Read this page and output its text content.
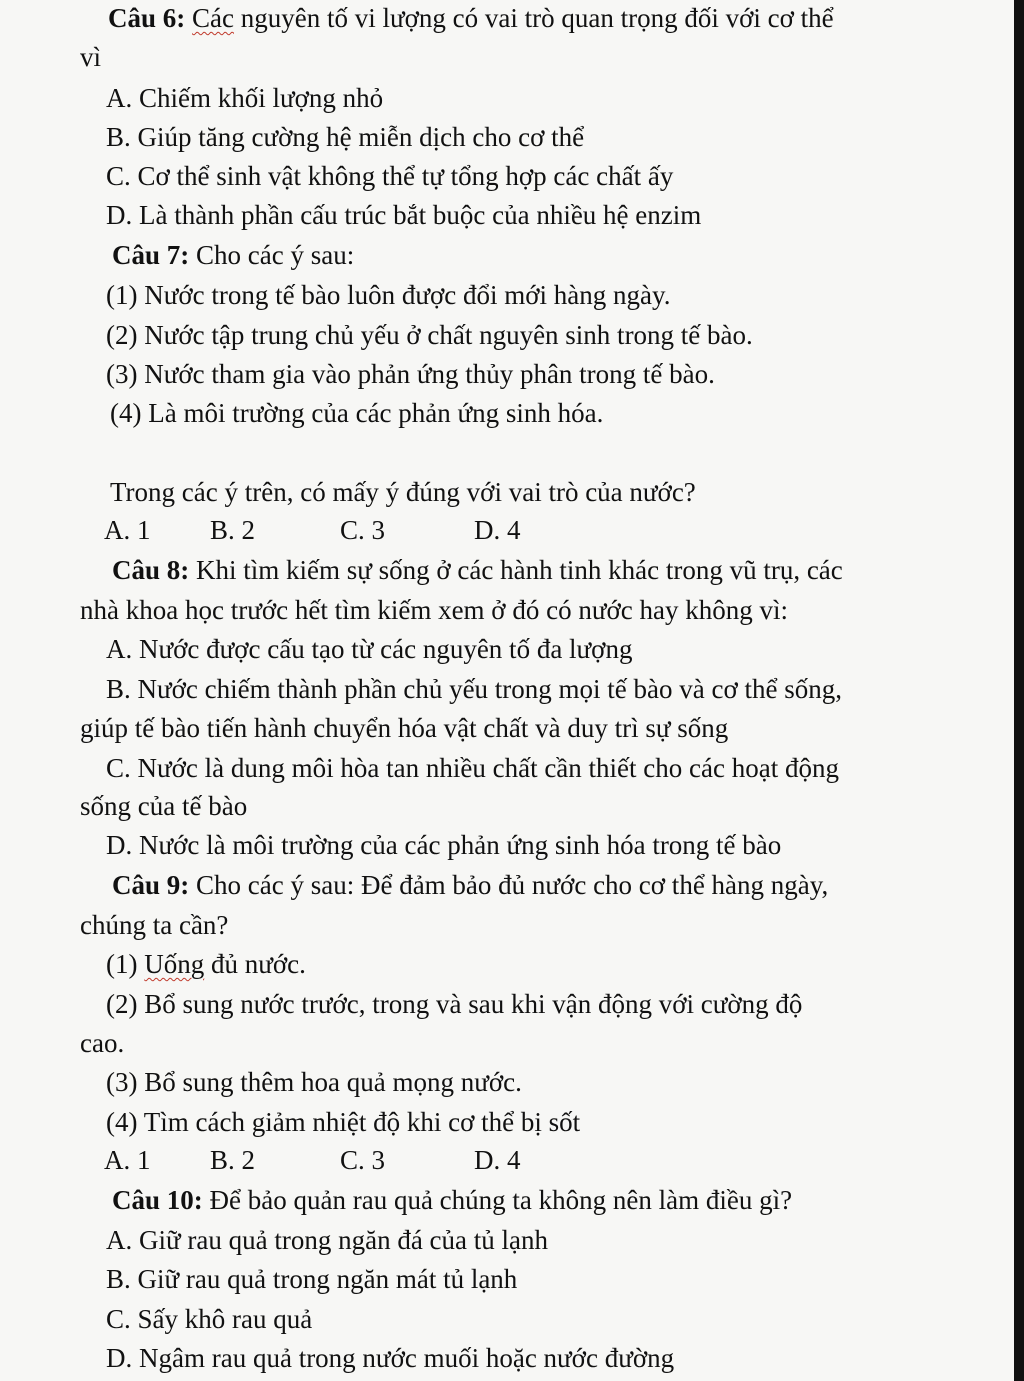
Câu 6: Các nguyên tố vi lượng có vai trò quan trọng đối với cơ thể
vì
A. Chiếm khối lượng nhỏ
B. Giúp tăng cường hệ miễn dịch cho cơ thể
C. Cơ thể sinh vật không thể tự tổng hợp các chất ấy
D. Là thành phần cấu trúc bắt buộc của nhiều hệ enzim
Câu 7: Cho các ý sau:
(1) Nước trong tế bào luôn được đổi mới hàng ngày.
(2) Nước tập trung chủ yếu ở chất nguyên sinh trong tế bào.
(3) Nước tham gia vào phản ứng thủy phân trong tế bào.
(4) Là môi trường của các phản ứng sinh hóa.
Trong các ý trên, có mấy ý đúng với vai trò của nước?
A. 1 B. 2	C. 3	D. 4
Câu 8: Khi tìm kiếm sự sống ở các hành tinh khác trong vũ trụ, các
nhà khoa học trước hết tìm kiếm xem ở đó có nước hay không vì:
A. Nước được cấu tạo từ các nguyên tố đa lượng
B. Nước chiếm thành phần chủ yếu trong mọi tế bào và cơ thể sống,
giúp tế bào tiến hành chuyển hóa vật chất và duy trì sự sống
C. Nước là dung môi hòa tan nhiều chất cần thiết cho các hoạt động
sống của tế bào
D. Nước là môi trường của các phản ứng sinh hóa trong tế bào
Câu 9: Cho các ý sau: Để đảm bảo đủ nước cho cơ thể hàng ngày,
chúng ta cần?
(1) Uống đủ nước.
(2) Bổ sung nước trước, trong và sau khi vận động với cường độ
cao.
(3) Bổ sung thêm hoa quả mọng nước.
(4) Tìm cách giảm nhiệt độ khi cơ thể bị sốt
A. 1 B. 2	C. 3	D. 4
Câu 10: Để bảo quản rau quả chúng ta không nên làm điều gì?
A. Giữ rau quả trong ngăn đá của tủ lạnh
B. Giữ rau quả trong ngăn mát tủ lạnh
C. Sấy khô rau quả
D. Ngâm rau quả trong nước muối hoặc nước đường
